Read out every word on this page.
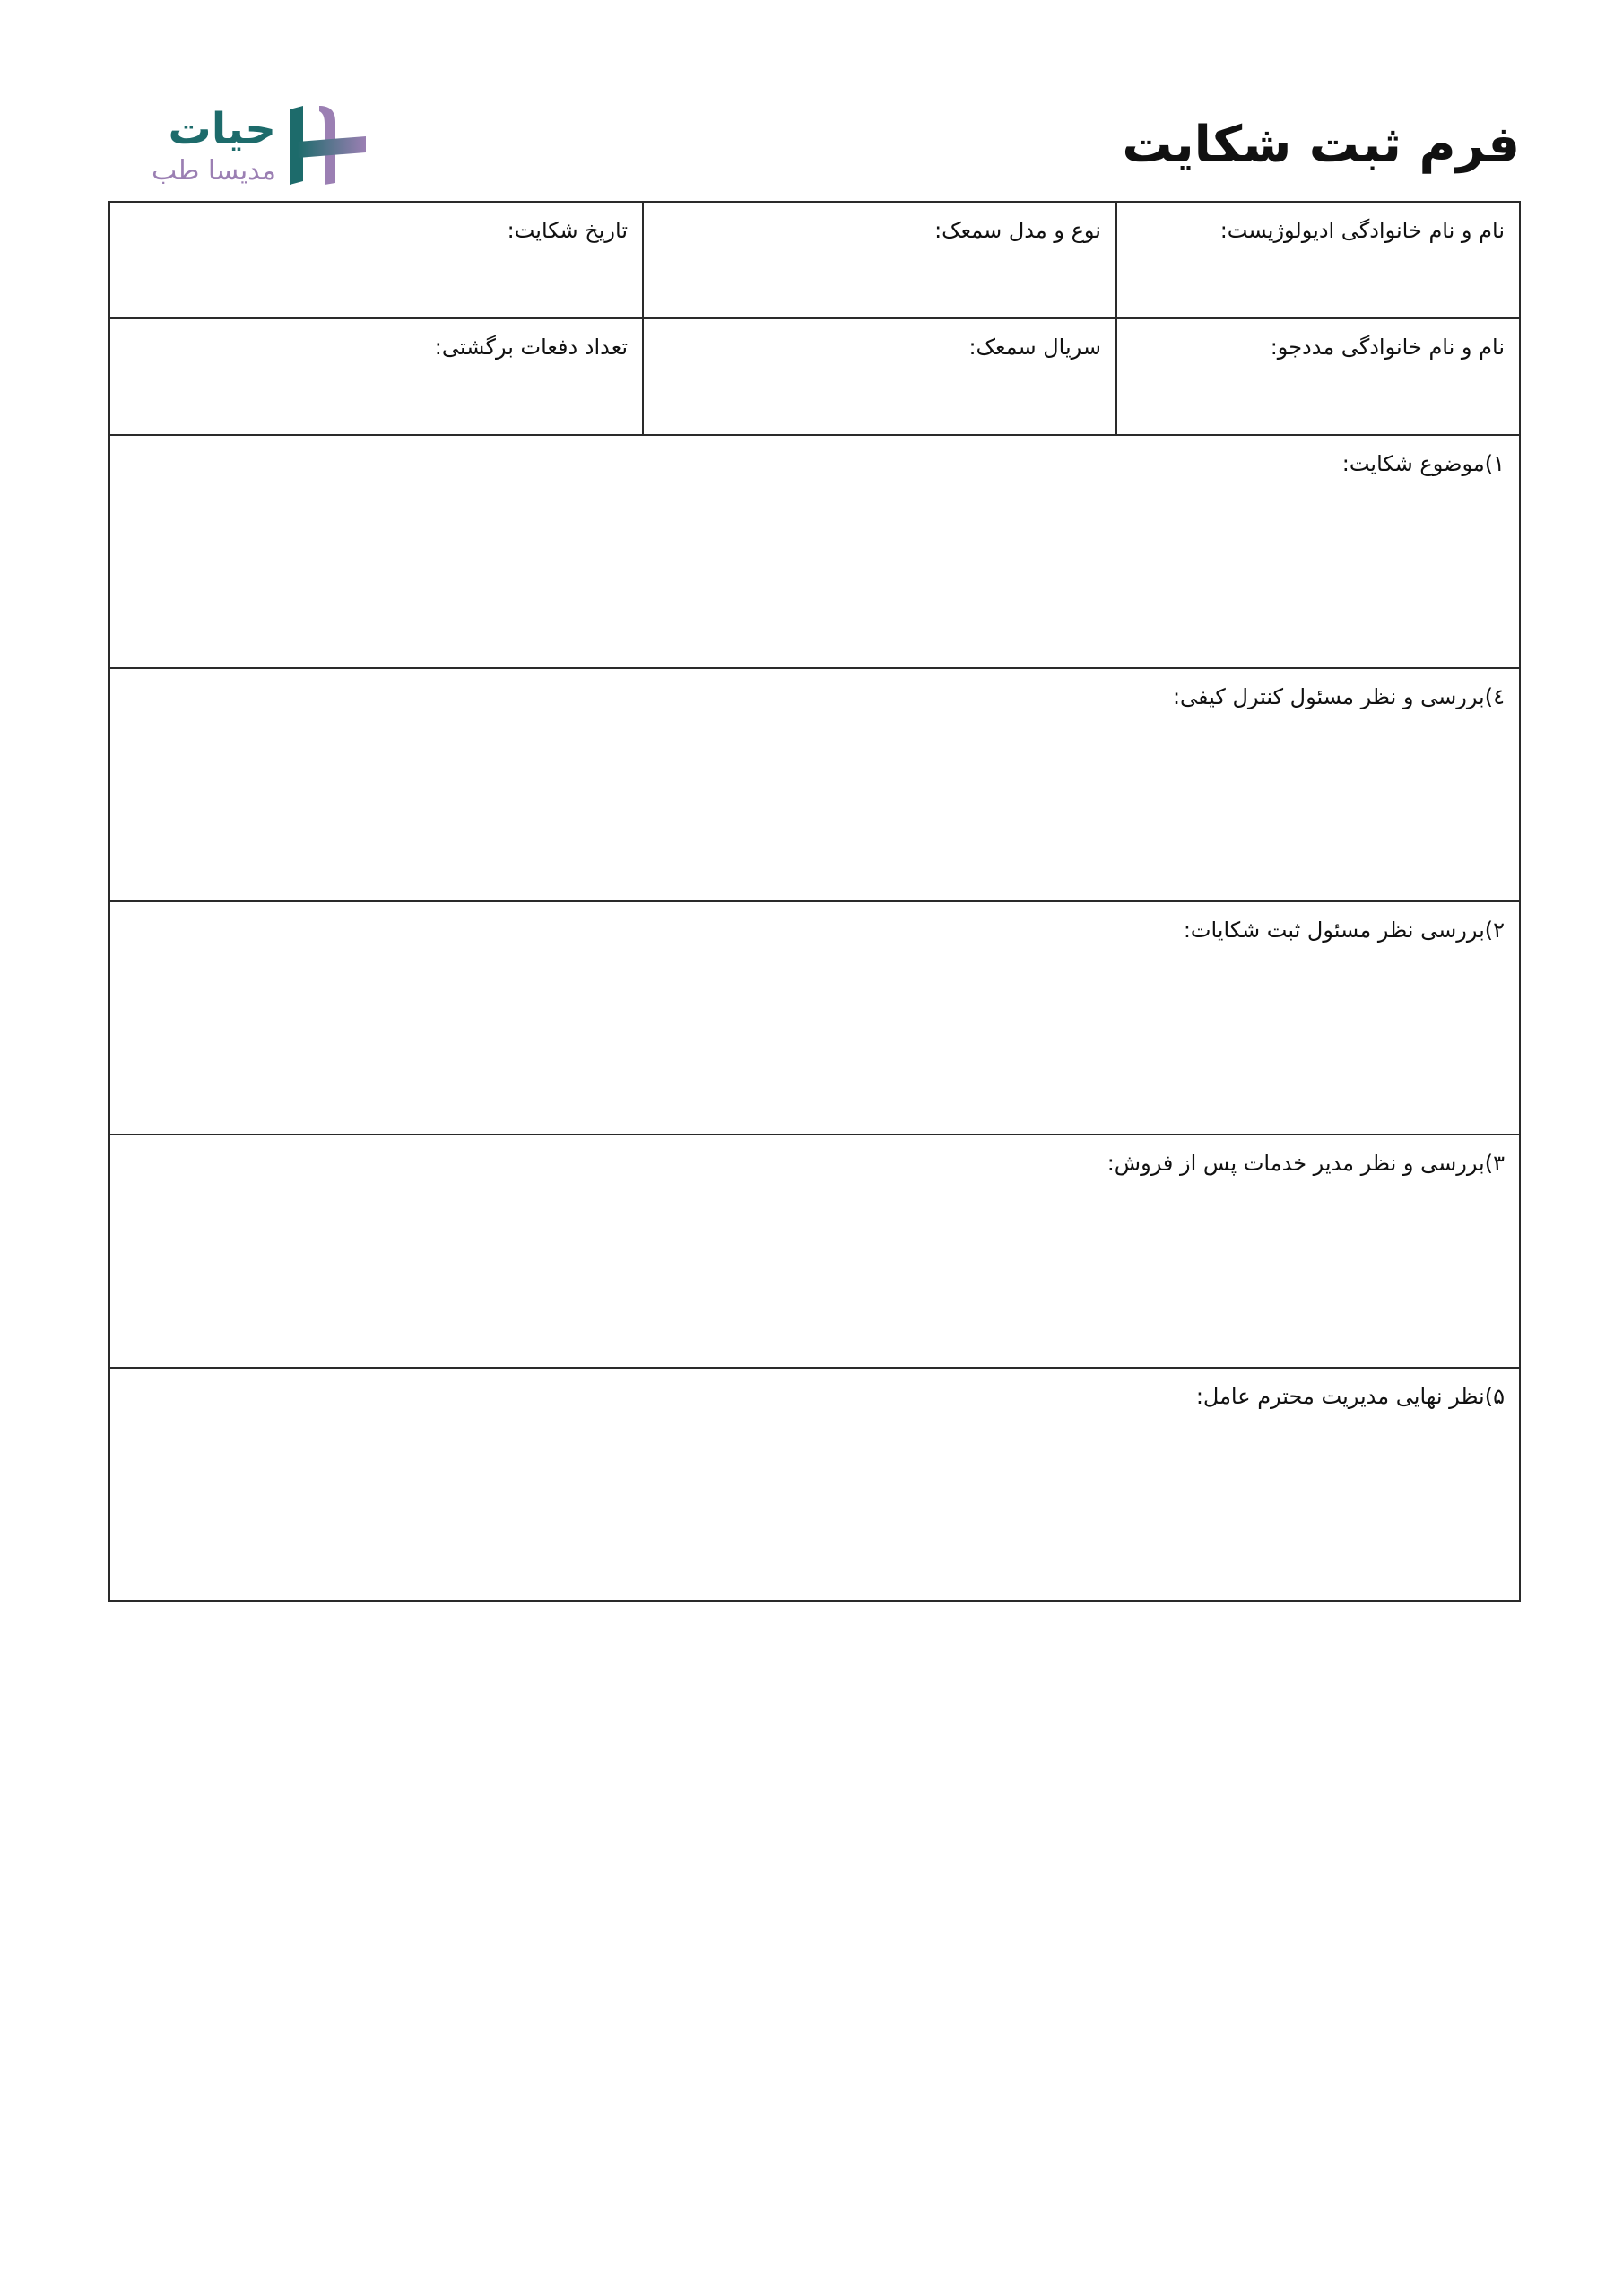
فرم ثبت شکایت
حیات
مدیسا طب
نام و نام خانوادگی ادیولوژیست:	نوع و مدل سمعک:	تاریخ شکایت:
نام و نام خانوادگی مددجو:	سریال سمعک:	تعداد دفعات برگشتی:
۱)موضوع شکایت:		
٤)بررسی و نظر مسئول کنترل کیفی:		
۲)بررسی نظر مسئول ثبت شکایات:		
۳)بررسی و نظر مدیر خدمات پس از فروش:		
۵)نظر نهایی مدیریت محترم عامل:		
